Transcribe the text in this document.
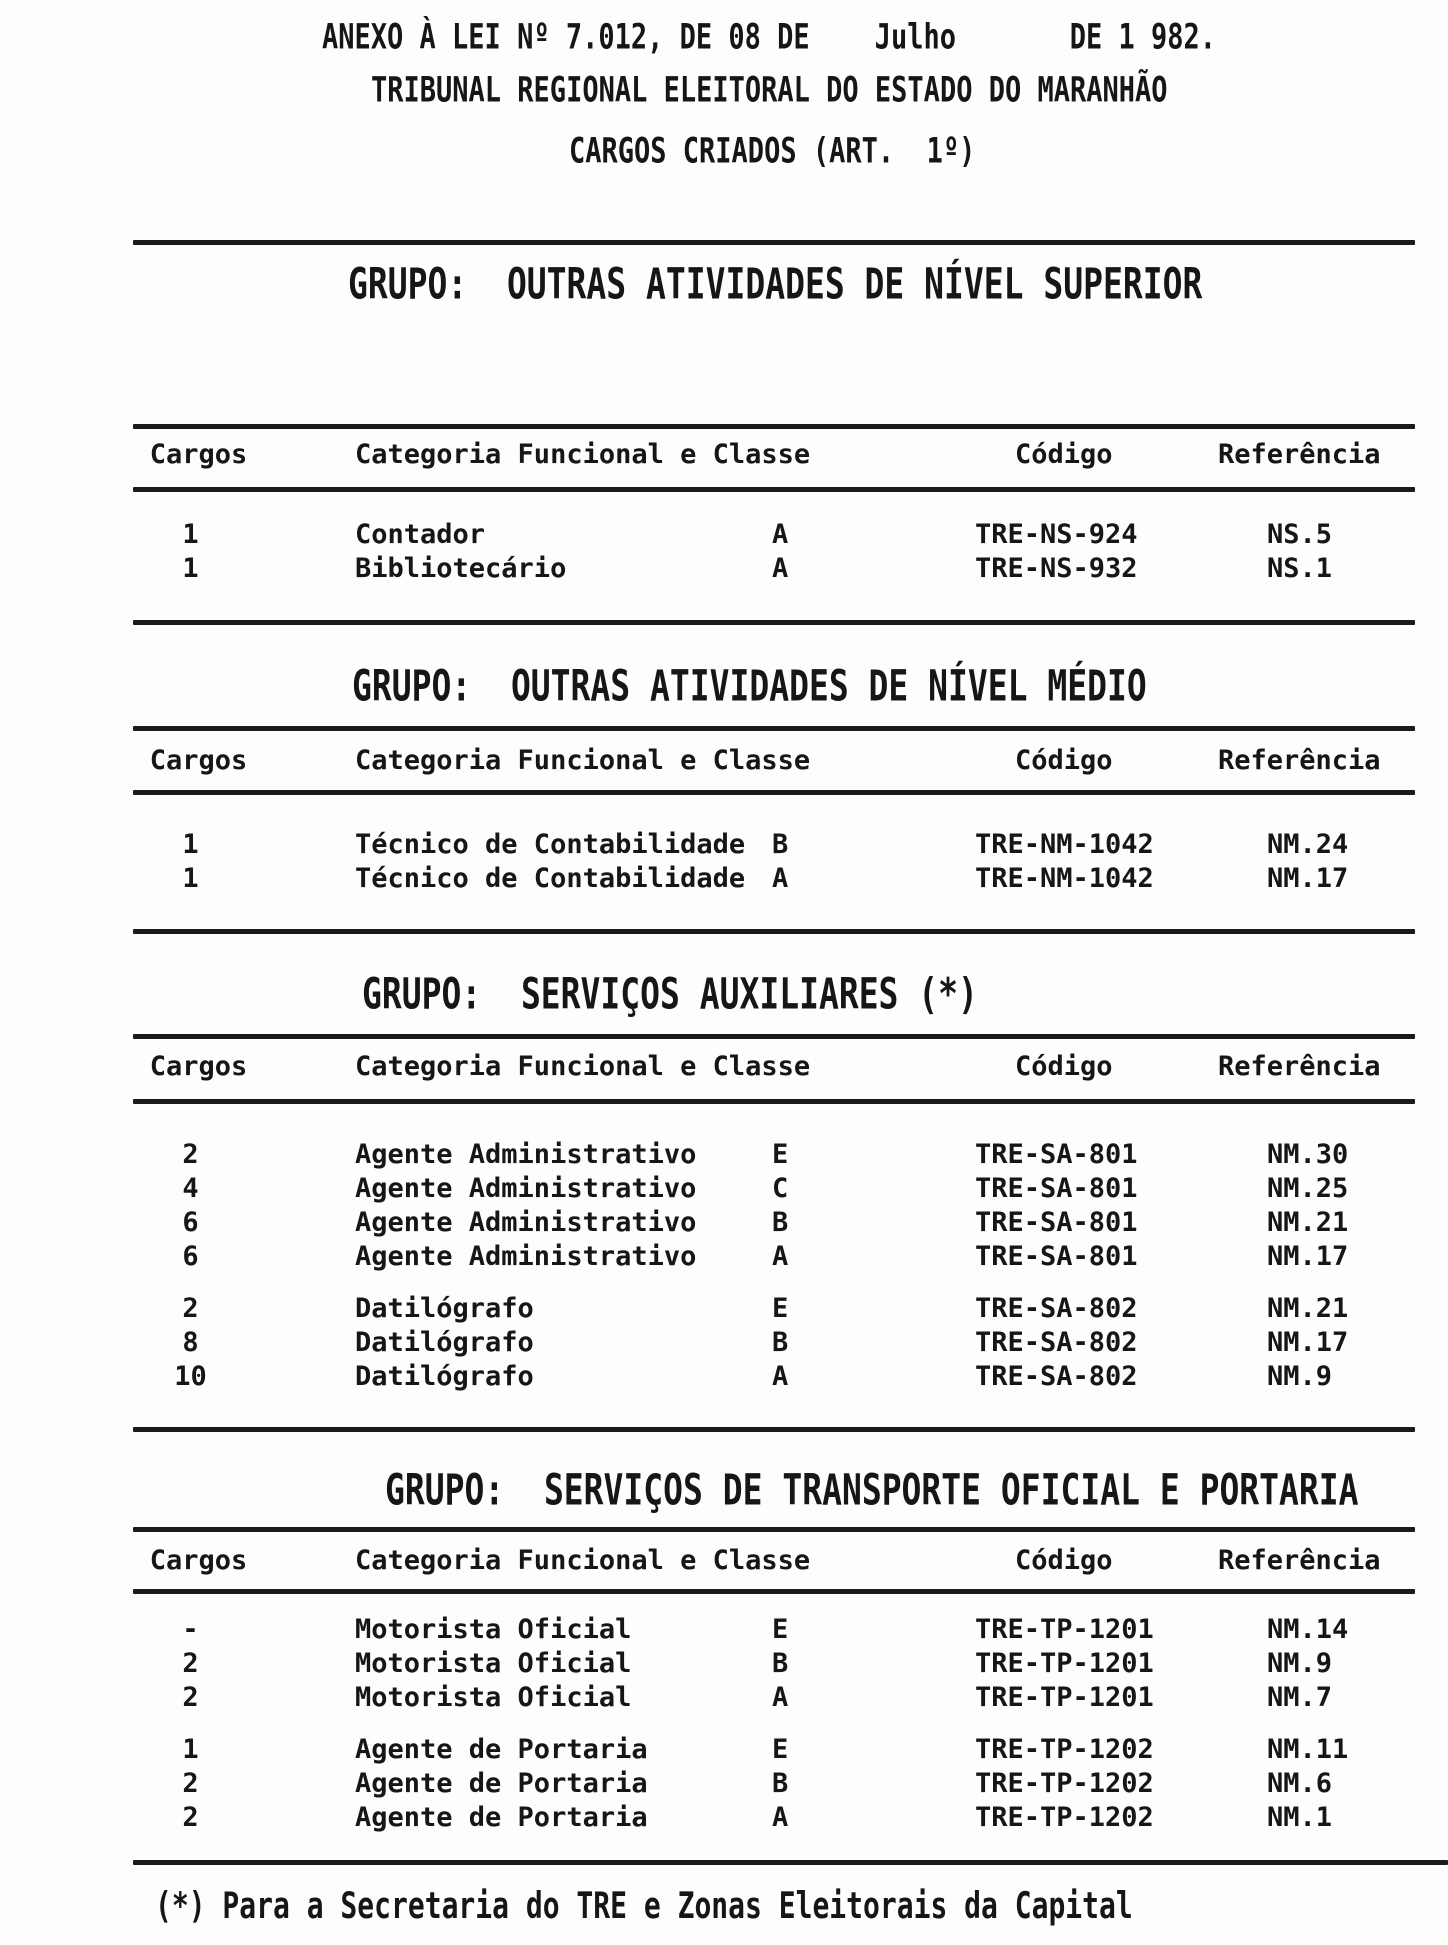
ANEXO À LEI Nº 7.012, DE 08 DE    Julho       DE 1 982.
TRIBUNAL REGIONAL ELEITORAL DO ESTADO DO MARANHÃO
CARGOS CRIADOS (ART.  1º)
GRUPO:  OUTRAS ATIVIDADES DE NÍVEL SUPERIOR
Cargos	Categoria Funcional e Classe	Código	Referência
1	Contador	A	TRE-NS-924	NS.5
1	Bibliotecário	A	TRE-NS-932	NS.1
GRUPO:  OUTRAS ATIVIDADES DE NÍVEL MÉDIO
Cargos	Categoria Funcional e Classe	Código	Referência
1	Técnico de Contabilidade B	TRE-NM-1042	NM.24
1	Técnico de Contabilidade A	TRE-NM-1042	NM.17
GRUPO:  SERVIÇOS AUXILIARES (*)
Cargos	Categoria Funcional e Classe	Código	Referência
2	Agente Administrativo	E	TRE-SA-801	NM.30
4	Agente Administrativo	C	TRE-SA-801	NM.25
6	Agente Administrativo	B	TRE-SA-801	NM.21
6	Agente Administrativo	A	TRE-SA-801	NM.17
2	Datilógrafo	E	TRE-SA-802	NM.21
8	Datilógrafo	B	TRE-SA-802	NM.17
10	Datilógrafo	A	TRE-SA-802	NM.9
GRUPO:  SERVIÇOS DE TRANSPORTE OFICIAL E PORTARIA
Cargos	Categoria Funcional e Classe	Código	Referência
-	Motorista Oficial	E	TRE-TP-1201	NM.14
2	Motorista Oficial	B	TRE-TP-1201	NM.9
2	Motorista Oficial	A	TRE-TP-1201	NM.7
1	Agente de Portaria	E	TRE-TP-1202	NM.11
2	Agente de Portaria	B	TRE-TP-1202	NM.6
2	Agente de Portaria	A	TRE-TP-1202	NM.1
(*) Para a Secretaria do TRE e Zonas Eleitorais da Capital
